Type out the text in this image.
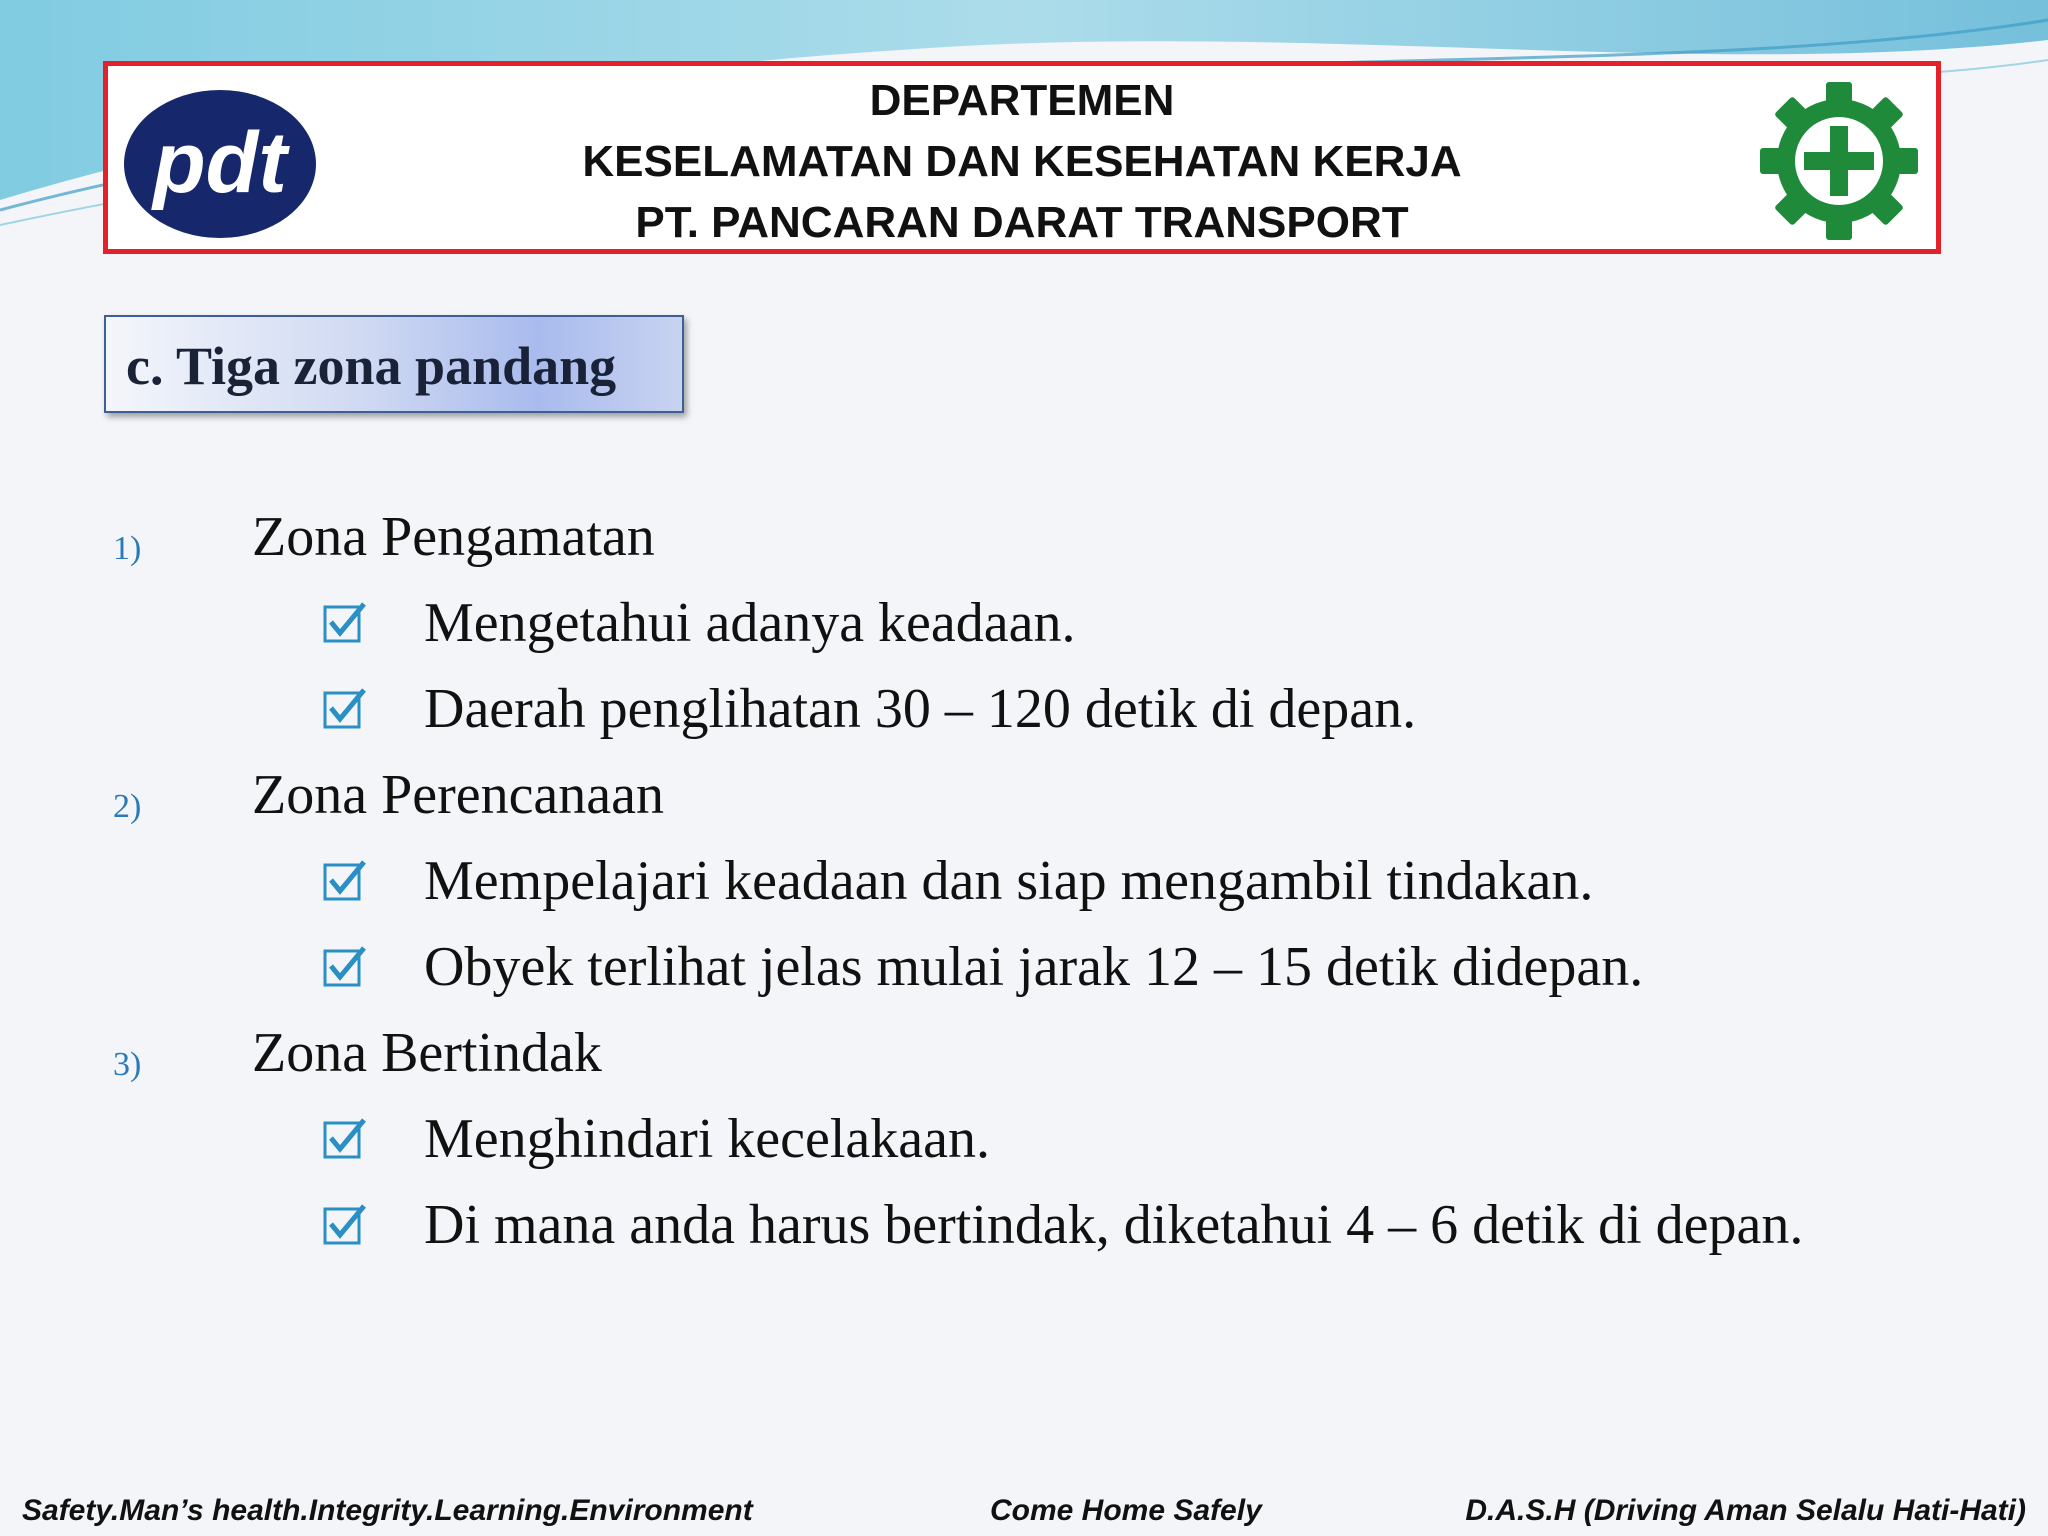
pdt
DEPARTEMEN
KESELAMATAN DAN KESEHATAN KERJA
PT. PANCARAN DARAT TRANSPORT
c. Tiga zona pandang
1) Zona Pengamatan
Mengetahui adanya keadaan.
Daerah penglihatan 30 – 120 detik di depan.
2) Zona Perencanaan
Mempelajari keadaan dan siap mengambil tindakan.
Obyek terlihat jelas mulai jarak 12 – 15 detik didepan.
3) Zona Bertindak
Menghindari kecelakaan.
Di mana anda harus bertindak, diketahui 4 – 6 detik di depan.
Safety.Man’s health.Integrity.Learning.Environment	Come Home Safely	D.A.S.H (Driving Aman Selalu Hati-Hati)
